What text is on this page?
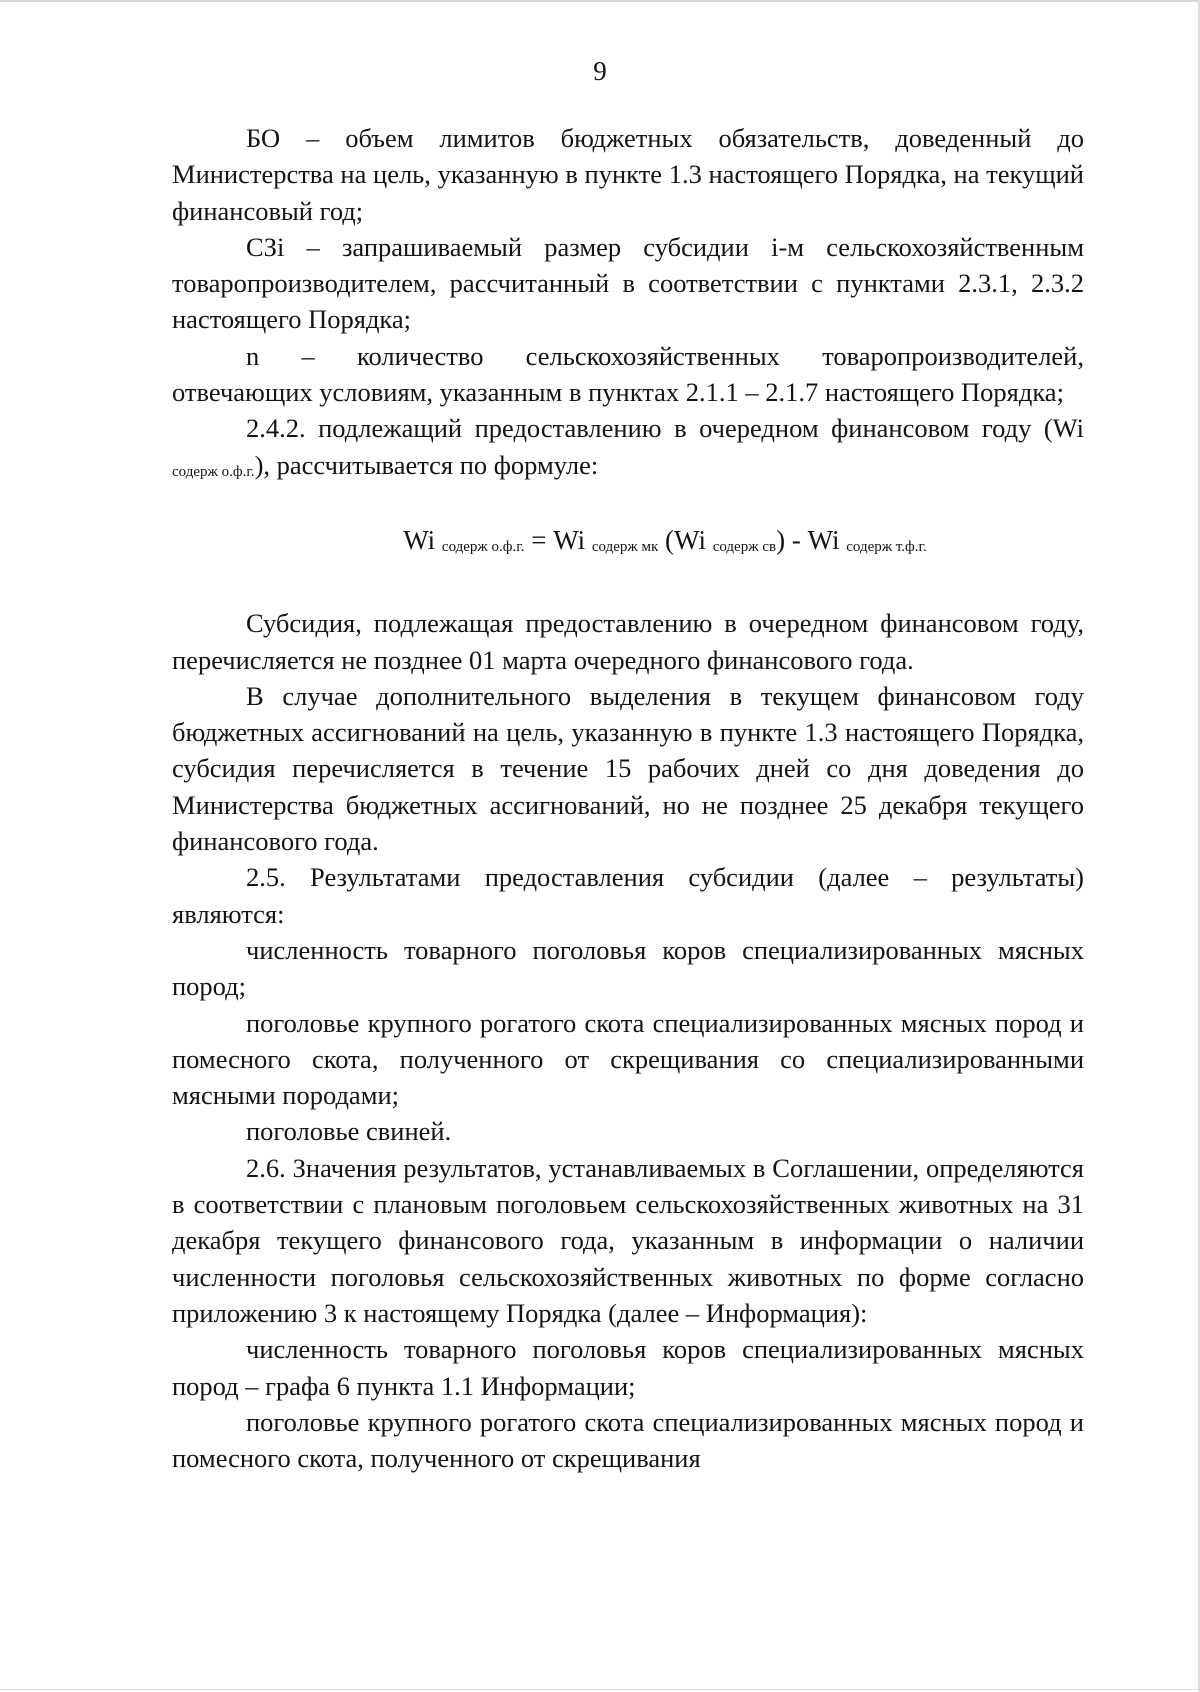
9

БО – объем лимитов бюджетных обязательств, доведенный до Министерства на цель, указанную в пункте 1.3 настоящего Порядка, на текущий финансовый год;

СЗi – запрашиваемый размер субсидии i-м сельскохозяйственным товаропроизводителем, рассчитанный в соответствии с пунктами 2.3.1, 2.3.2 настоящего Порядка;

n – количество сельскохозяйственных товаропроизводителей, отвечающих условиям, указанным в пунктах 2.1.1 – 2.1.7 настоящего Порядка;

2.4.2. подлежащий предоставлению в очередном финансовом году (Wi содерж о.ф.г.), рассчитывается по формуле:

Wi содерж о.ф.г. = Wi содерж мк (Wi содерж св) - Wi содерж т.ф.г.

Субсидия, подлежащая предоставлению в очередном финансовом году, перечисляется не позднее 01 марта очередного финансового года.

В случае дополнительного выделения в текущем финансовом году бюджетных ассигнований на цель, указанную в пункте 1.3 настоящего Порядка, субсидия перечисляется в течение 15 рабочих дней со дня доведения до Министерства бюджетных ассигнований, но не позднее 25 декабря текущего финансового года.

2.5. Результатами предоставления субсидии (далее – результаты) являются:

численность товарного поголовья коров специализированных мясных пород;

поголовье крупного рогатого скота специализированных мясных пород и помесного скота, полученного от скрещивания со специализированными мясными породами;

поголовье свиней.

2.6. Значения результатов, устанавливаемых в Соглашении, определяются в соответствии с плановым поголовьем сельскохозяйственных животных на 31 декабря текущего финансового года, указанным в информации о наличии численности поголовья сельскохозяйственных животных по форме согласно приложению 3 к настоящему Порядка (далее – Информация):

численность товарного поголовья коров специализированных мясных пород – графа 6 пункта 1.1 Информации;

поголовье крупного рогатого скота специализированных мясных пород и помесного скота, полученного от скрещивания
